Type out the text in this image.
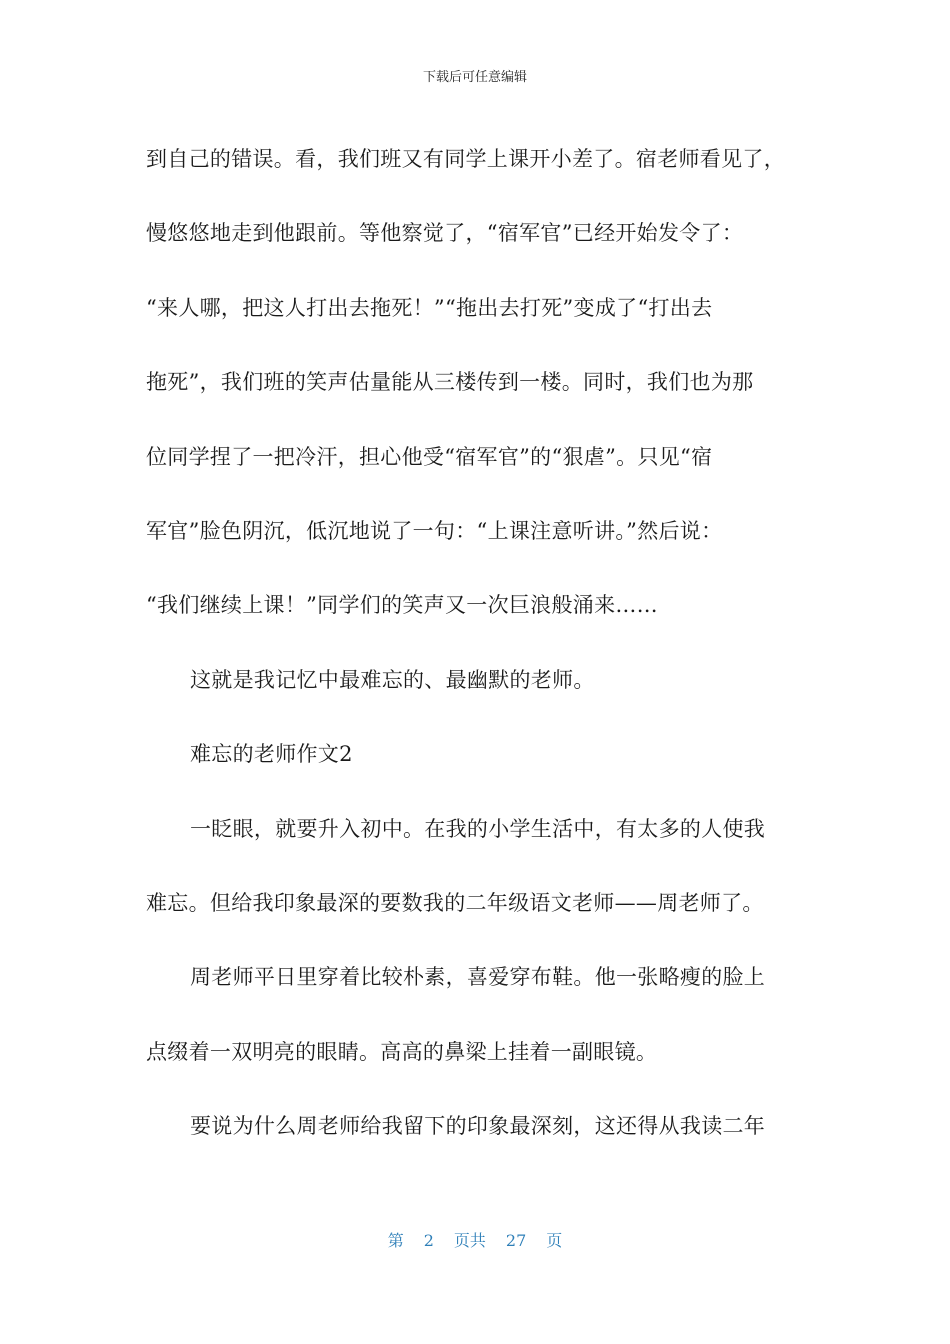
下载后可任意编辑
到自己的错误。看，我们班又有同学上课开小差了。宿老师看见了，
慢悠悠地走到他跟前。等他察觉了，“宿军官”已经开始发令了：
“来人哪，把这人打出去拖死！”“拖出去打死”变成了“打出去
拖死”，我们班的笑声估量能从三楼传到一楼。同时，我们也为那
位同学捏了一把冷汗，担心他受“宿军官”的“狠虐”。只见“宿
军官”脸色阴沉，低沉地说了一句：“上课注意听讲。”然后说：
“我们继续上课！”同学们的笑声又一次巨浪般涌来……
这就是我记忆中最难忘的、最幽默的老师。
难忘的老师作文2
一眨眼，就要升入初中。在我的小学生活中，有太多的人使我
难忘。但给我印象最深的要数我的二年级语文老师——周老师了。
周老师平日里穿着比较朴素，喜爱穿布鞋。他一张略瘦的脸上
点缀着一双明亮的眼睛。高高的鼻梁上挂着一副眼镜。
要说为什么周老师给我留下的印象最深刻，这还得从我读二年
第 2 页共 27 页
